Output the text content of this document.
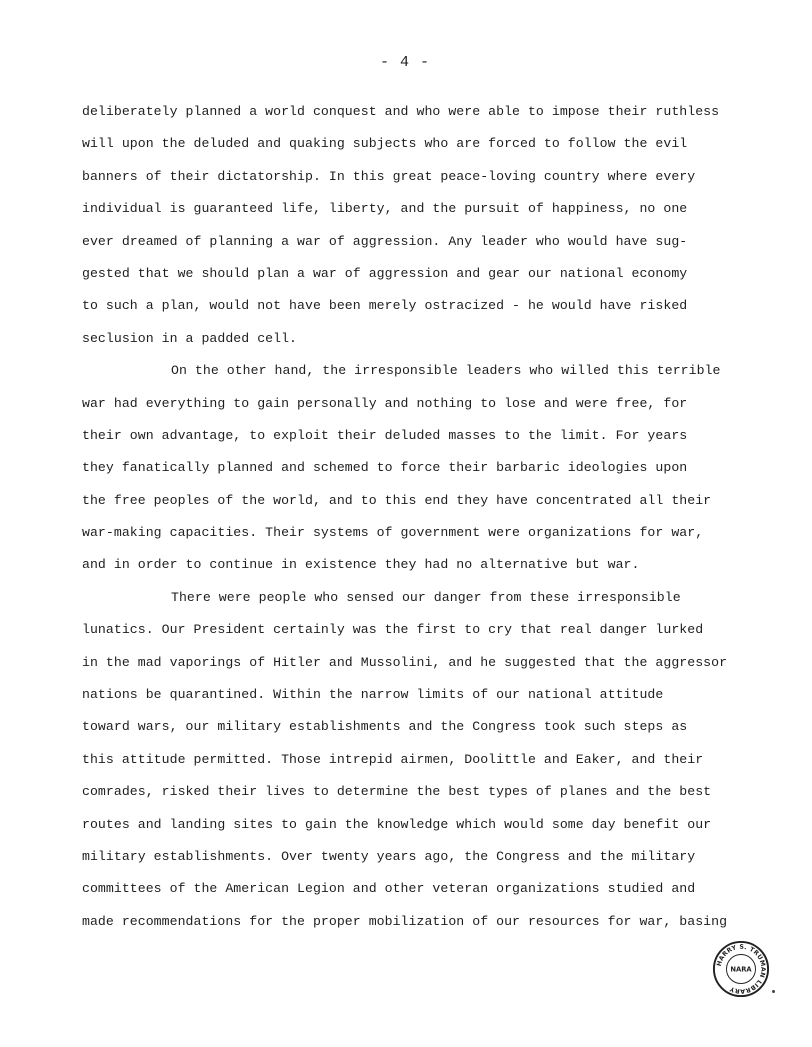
- 4 -
deliberately planned a world conquest and who were able to impose their ruthless
will upon the deluded and quaking subjects who are forced to follow the evil
banners of their dictatorship. In this great peace-loving country where every
individual is guaranteed life, liberty, and the pursuit of happiness, no one
ever dreamed of planning a war of aggression. Any leader who would have sug-
gested that we should plan a war of aggression and gear our national economy
to such a plan, would not have been merely ostracized - he would have risked
seclusion in a padded cell.
On the other hand, the irresponsible leaders who willed this terrible
war had everything to gain personally and nothing to lose and were free, for
their own advantage, to exploit their deluded masses to the limit. For years
they fanatically planned and schemed to force their barbaric ideologies upon
the free peoples of the world, and to this end they have concentrated all their
war-making capacities. Their systems of government were organizations for war,
and in order to continue in existence they had no alternative but war.
There were people who sensed our danger from these irresponsible
lunatics. Our President certainly was the first to cry that real danger lurked
in the mad vaporings of Hitler and Mussolini, and he suggested that the aggressor
nations be quarantined. Within the narrow limits of our national attitude
toward wars, our military establishments and the Congress took such steps as
this attitude permitted. Those intrepid airmen, Doolittle and Eaker, and their
comrades, risked their lives to determine the best types of planes and the best
routes and landing sites to gain the knowledge which would some day benefit our
military establishments. Over twenty years ago, the Congress and the military
committees of the American Legion and other veteran organizations studied and
made recommendations for the proper mobilization of our resources for war, basing
HARRY S. TRUMAN LIBRARY
NARA
